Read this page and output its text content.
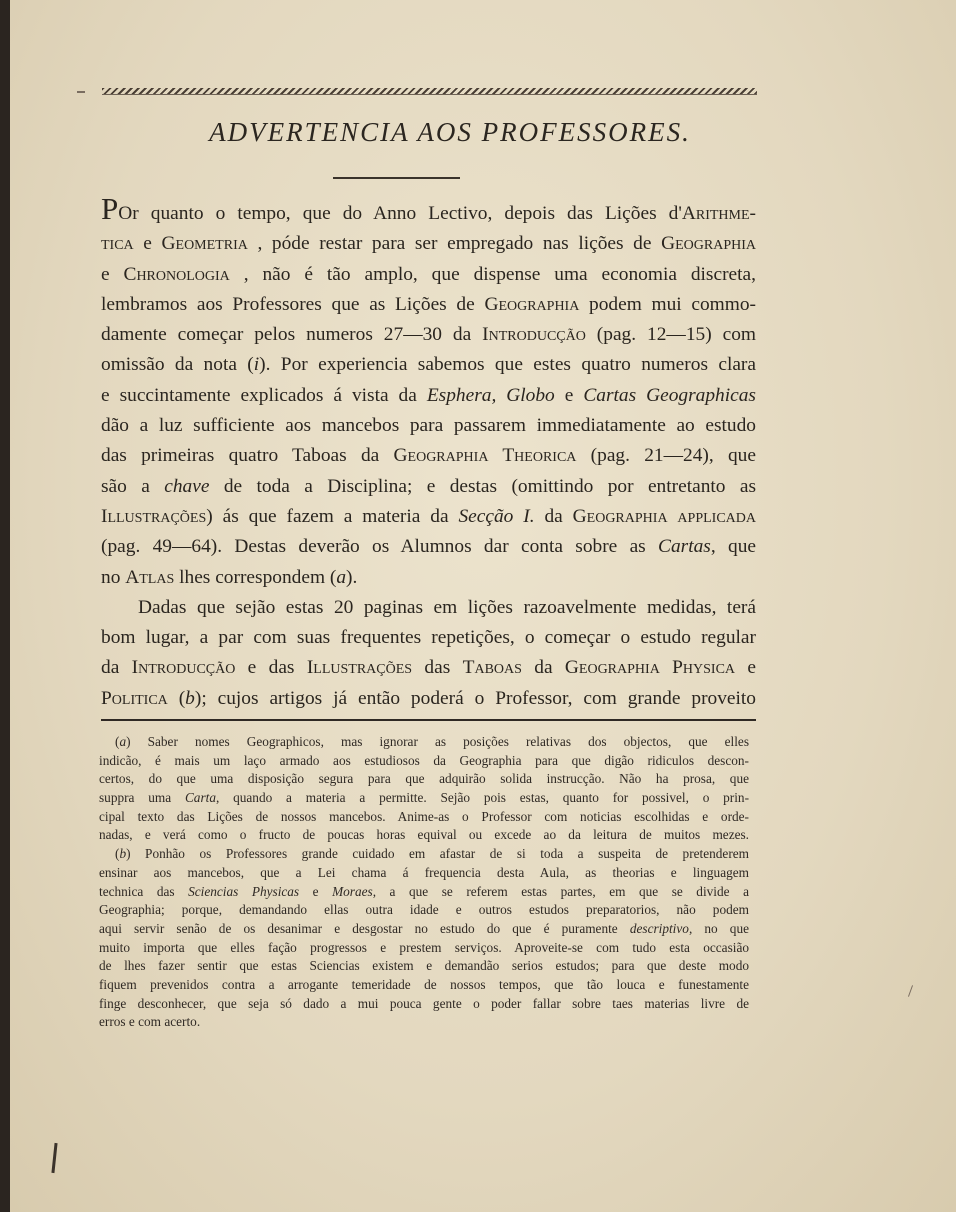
ADVERTENCIA AOS PROFESSORES.
POr quanto o tempo, que do Anno Lectivo, depois das Lições d'Arithme-
tica e Geometria , póde restar para ser empregado nas lições de Geographia
e Chronologia , não é tão amplo, que dispense uma economia discreta,
lembramos aos Professores que as Lições de Geographia podem mui commo-
damente começar pelos numeros 27—30 da Introducção (pag. 12—15) com
omissão da nota (i). Por experiencia sabemos que estes quatro numeros clara
e succintamente explicados á vista da Esphera, Globo e Cartas Geographicas
dão a luz sufficiente aos mancebos para passarem immediatamente ao estudo
das primeiras quatro Taboas da Geographia Theorica (pag. 21—24), que
são a chave de toda a Disciplina; e destas (omittindo por entretanto as
Illustrações) ás que fazem a materia da Secção I. da Geographia applicada
(pag. 49—64). Destas deverão os Alumnos dar conta sobre as Cartas, que
no Atlas lhes correspondem (a).
Dadas que sejão estas 20 paginas em lições razoavelmente medidas, terá
bom lugar, a par com suas frequentes repetições, o começar o estudo regular
da Introducção e das Illustrações das Taboas da Geographia Physica e
Politica (b); cujos artigos já então poderá o Professor, com grande proveito
(a) Saber nomes Geographicos, mas ignorar as posições relativas dos objectos, que elles
indicão, é mais um laço armado aos estudiosos da Geographia para que digão ridiculos descon-
certos, do que uma disposição segura para que adquirão solida instrucção. Não ha prosa, que
suppra uma Carta, quando a materia a permitte. Sejão pois estas, quanto for possivel, o prin-
cipal texto das Lições de nossos mancebos. Anime-as o Professor com noticias escolhidas e orde-
nadas, e verá como o fructo de poucas horas equival ou excede ao da leitura de muitos mezes.
(b) Ponhão os Professores grande cuidado em afastar de si toda a suspeita de pretenderem
ensinar aos mancebos, que a Lei chama á frequencia desta Aula, as theorias e linguagem
technica das Sciencias Physicas e Moraes, a que se referem estas partes, em que se divide a
Geographia; porque, demandando ellas outra idade e outros estudos preparatorios, não podem
aqui servir senão de os desanimar e desgostar no estudo do que é puramente descriptivo, no que
muito importa que elles fação progressos e prestem serviços. Aproveite-se com tudo esta occasião
de lhes fazer sentir que estas Sciencias existem e demandão serios estudos; para que deste modo
fiquem prevenidos contra a arrogante temeridade de nossos tempos, que tão louca e funestamente
finge desconhecer, que seja só dado a mui pouca gente o poder fallar sobre taes materias livre de
erros e com acerto.
